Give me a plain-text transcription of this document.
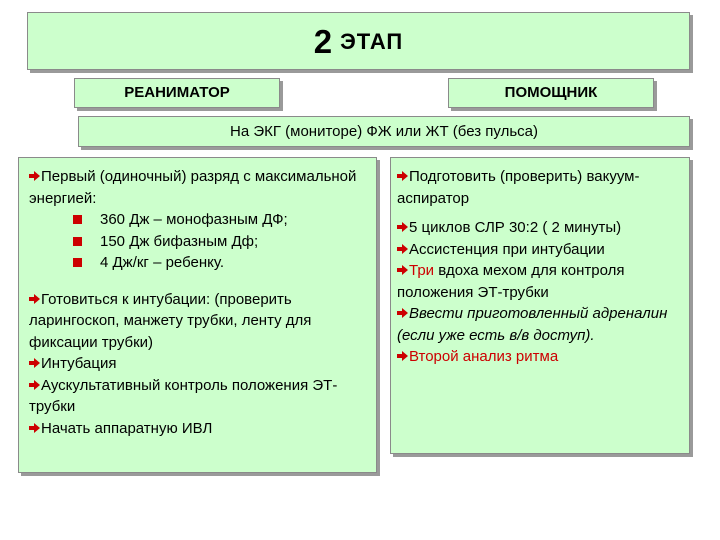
2 ЭТАП
РЕАНИМАТОР	ПОМОЩНИК
На ЭКГ (мониторе) ФЖ или ЖТ (без пульса)

Первый (одиночный) разряд с максимальной энергией:

360 Дж – монофазным ДФ;
150 Дж бифазным Дф;
4 Дж/кг – ребенку.

Готовиться к интубации: (проверить ларингоскоп, манжету трубки, ленту для фиксации трубки)

Интубация

Аускультативный контроль положения ЭТ-трубки

Начать аппаратную ИВЛ

Подготовить (проверить) вакуум-аспиратор

5 циклов СЛР 30:2 ( 2 минуты)

Ассистенция при интубации

Три вдоха мехом для контроля положения ЭТ-трубки

Ввести приготовленный адреналин (если уже есть в/в доступ).

Второй анализ ритма
